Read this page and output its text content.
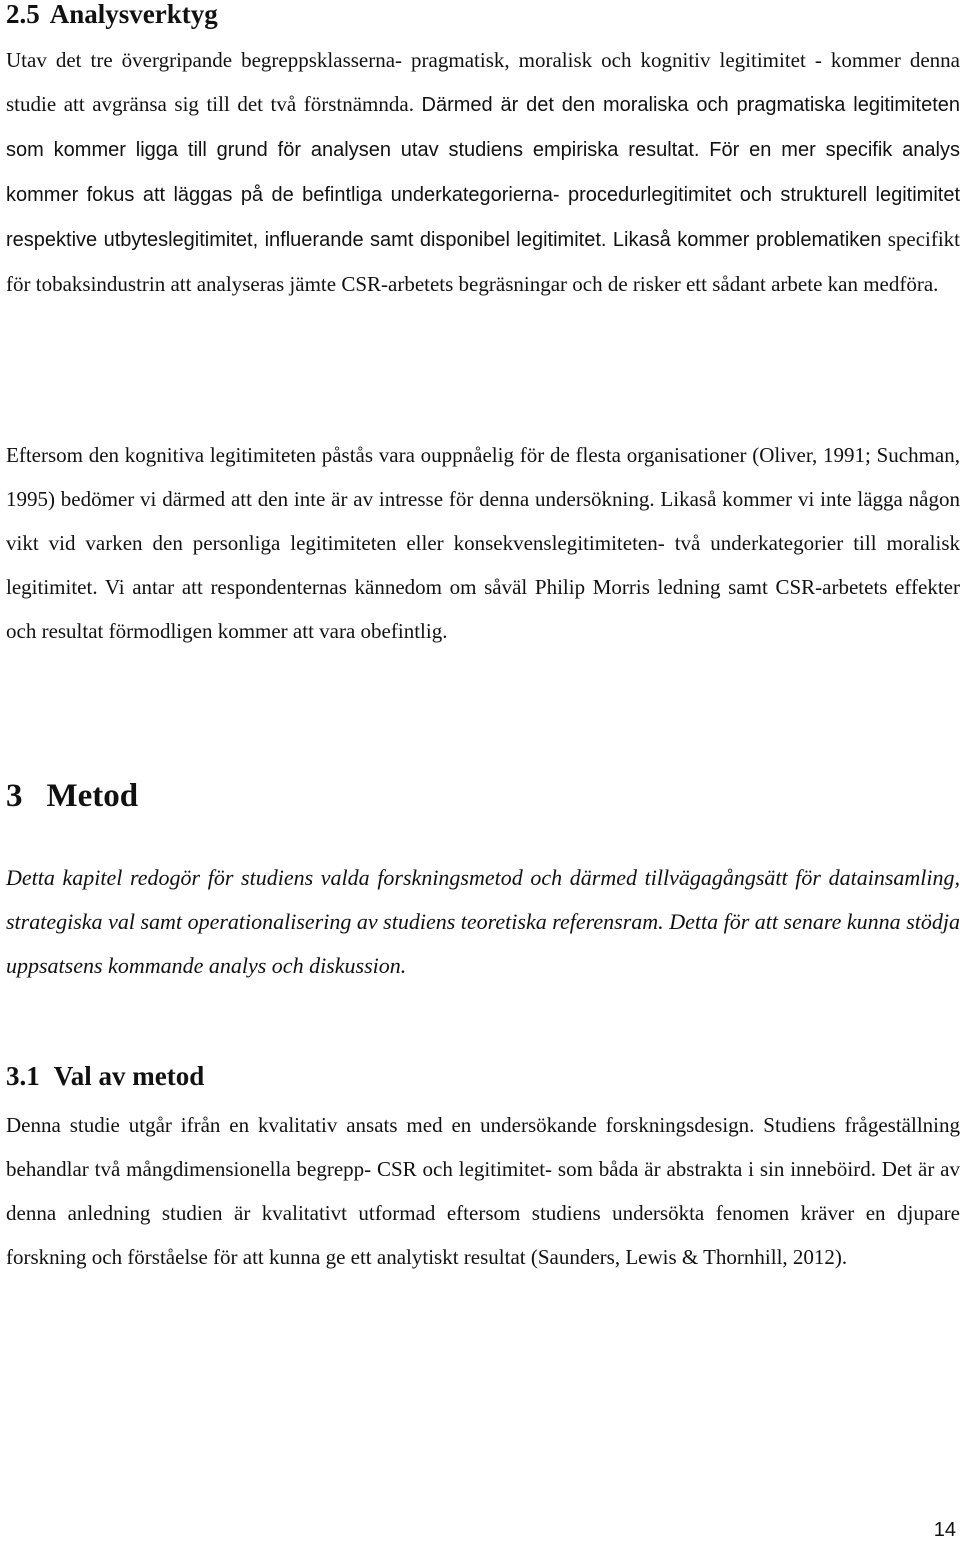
2.5 Analysverktyg

Utav det tre övergripande begreppsklasserna- pragmatisk, moralisk och kognitiv legitimitet - kommer denna studie att avgränsa sig till det två förstnämnda. Därmed är det den moraliska och pragmatiska legitimiteten som kommer ligga till grund för analysen utav studiens empiriska resultat. För en mer specifik analys kommer fokus att läggas på de befintliga underkategorierna- procedurlegitimitet och strukturell legitimitet respektive utbyteslegitimitet, influerande samt disponibel legitimitet. Likaså kommer problematiken specifikt för tobaksindustrin att analyseras jämte CSR-arbetets begräsningar och de risker ett sådant arbete kan medföra.

Eftersom den kognitiva legitimiteten påstås vara ouppnåelig för de flesta organisationer (Oliver, 1991; Suchman, 1995) bedömer vi därmed att den inte är av intresse för denna undersökning. Likaså kommer vi inte lägga någon vikt vid varken den personliga legitimiteten eller konsekvenslegitimiteten- två underkategorier till moralisk legitimitet. Vi antar att respondenternas kännedom om såväl Philip Morris ledning samt CSR-arbetets effekter och resultat förmodligen kommer att vara obefintlig.

3 Metod

Detta kapitel redogör för studiens valda forskningsmetod och därmed tillvägagångsätt för datainsamling, strategiska val samt operationalisering av studiens teoretiska referensram. Detta för att senare kunna stödja uppsatsens kommande analys och diskussion.

3.1 Val av metod

Denna studie utgår ifrån en kvalitativ ansats med en undersökande forskningsdesign. Studiens frågeställning behandlar två mångdimensionella begrepp- CSR och legitimitet- som båda är abstrakta i sin inneböird. Det är av denna anledning studien är kvalitativt utformad eftersom studiens undersökta fenomen kräver en djupare forskning och förståelse för att kunna ge ett analytiskt resultat (Saunders, Lewis & Thornhill, 2012).

14
